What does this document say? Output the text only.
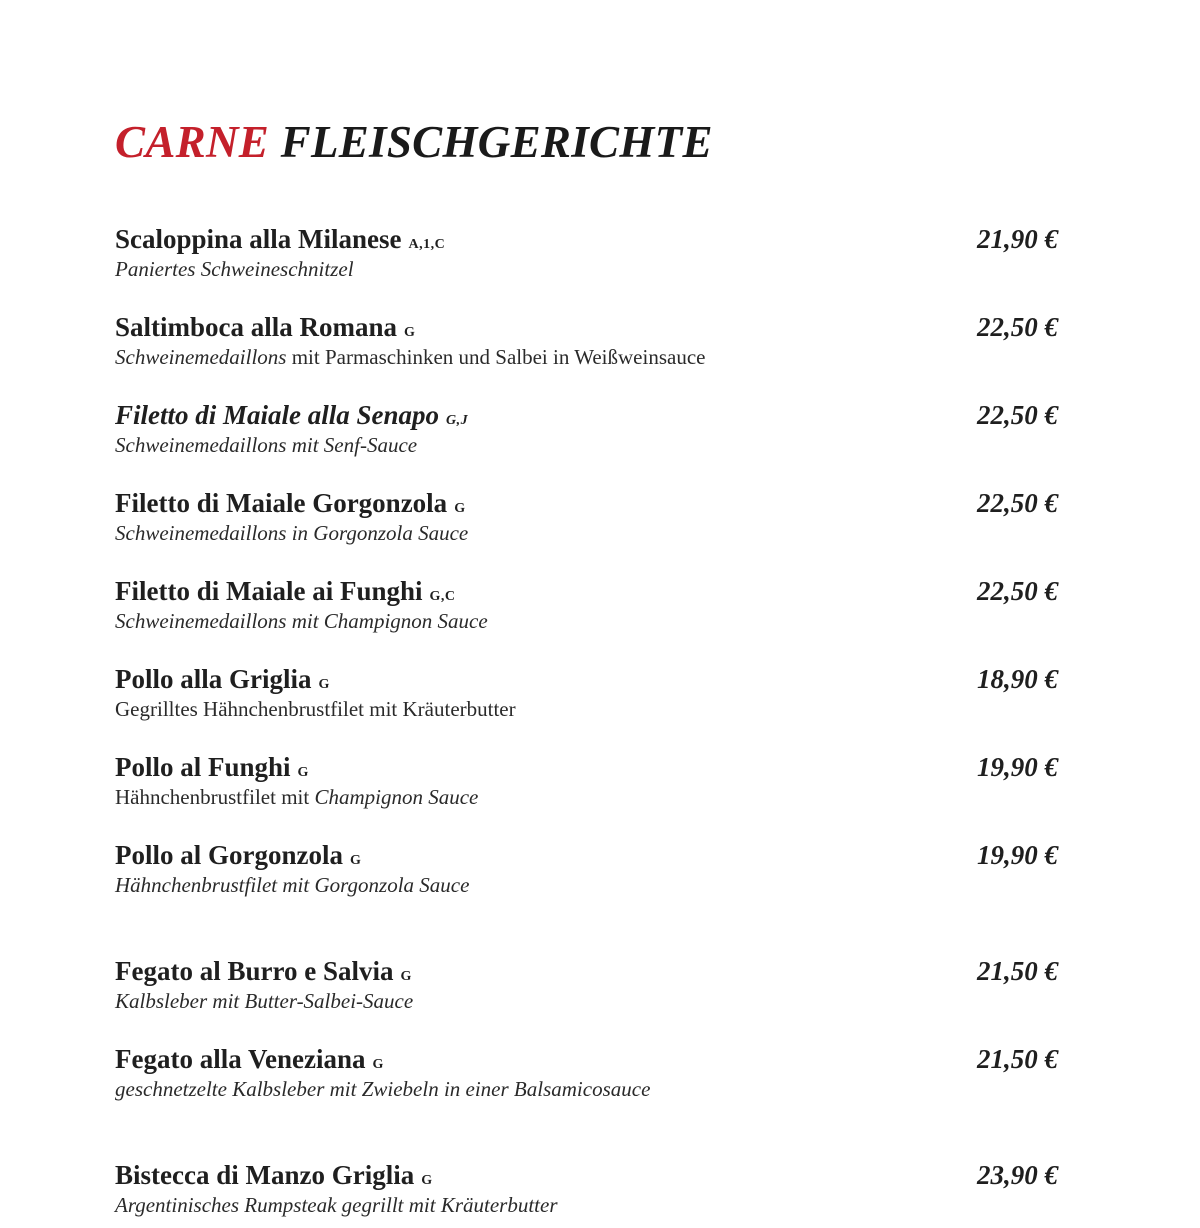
CARNE FLEISCHGERICHTE
Scaloppina alla Milanese A,1,C
Paniertes Schweineschnitzel
21,90 €
Saltimboca alla Romana G
Schweinemedaillons mit Parmaschinken und Salbei in Weißweinsauce
22,50 €
Filetto di Maiale alla Senapo G,J
Schweinemedaillons mit Senf-Sauce
22,50 €
Filetto di Maiale Gorgonzola G
Schweinemedaillons in Gorgonzola Sauce
22,50 €
Filetto di Maiale ai Funghi G,C
Schweinemedaillons mit Champignon Sauce
22,50 €
Pollo alla Griglia G
Gegrilltes Hähnchenbrustfilet mit Kräuterbutter
18,90 €
Pollo al Funghi G
Hähnchenbrustfilet mit Champignon Sauce
19,90 €
Pollo al Gorgonzola G
Hähnchenbrustfilet mit Gorgonzola Sauce
19,90 €
Fegato al Burro e Salvia G
Kalbsleber mit Butter-Salbei-Sauce
21,50 €
Fegato alla Veneziana G
geschnetzelte Kalbsleber mit Zwiebeln in einer Balsamicosauce
21,50 €
Bistecca di Manzo Griglia G
Argentinisches Rumpsteak gegrillt mit Kräuterbutter
23,90 €
